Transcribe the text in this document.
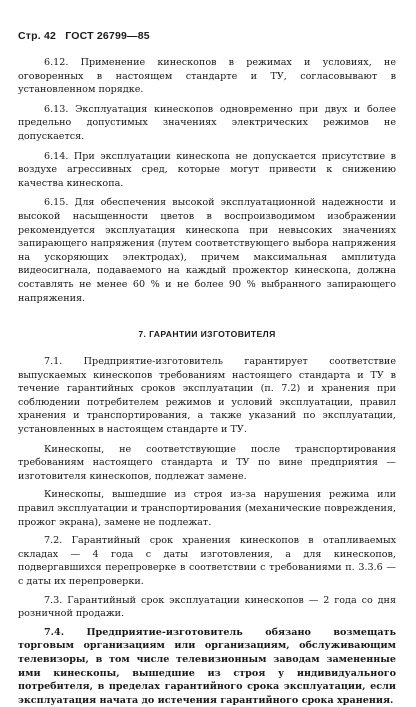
Стр. 42 ГОСТ 26799—85

6.12. Применение кинескопов в режимах и условиях, не оговоренных в настоящем стандарте и ТУ, согласовывают в установленном порядке.

6.13. Эксплуатация кинескопов одновременно при двух и более предельно допустимых значениях электрических режимов не допускается.

6.14. При эксплуатации кинескопа не допускается присутствие в воздухе агрессивных сред, которые могут привести к снижению качества кинескопа.

6.15. Для обеспечения высокой эксплуатационной надежности и высокой насыщенности цветов в воспроизводимом изображении рекомендуется эксплуатация кинескопа при невысоких значениях запирающего напряжения (путем соответствующего выбора напряжения на ускоряющих электродах), причем максимальная амплитуда видеосигнала, подаваемого на каждый прожектор кинескопа, должна составлять не менее 60 % и не более 90 % выбранного запирающего напряжения.

7. ГАРАНТИИ ИЗГОТОВИТЕЛЯ

7.1. Предприятие-изготовитель гарантирует соответствие выпускаемых кинескопов требованиям настоящего стандарта и ТУ в течение гарантийных сроков эксплуатации (п. 7.2) и хранения при соблюдении потребителем режимов и условий эксплуатации, правил хранения и транспортирования, а также указаний по эксплуатации, установленных в настоящем стандарте и ТУ.

Кинескопы, не соответствующие после транспортирования требованиям настоящего стандарта и ТУ по вине предприятия — изготовителя кинескопов, подлежат замене.

Кинескопы, вышедшие из строя из-за нарушения режима или правил эксплуатации и транспортирования (механические повреждения, прожог экрана), замене не подлежат.

7.2. Гарантийный срок хранения кинескопов в отапливаемых складах — 4 года с даты изготовления, а для кинескопов, подвергавшихся перепроверке в соответствии с требованиями п. 3.3.6 — с даты их перепроверки.

7.3. Гарантийный срок эксплуатации кинескопов — 2 года со дня розничной продажи.

7.4. Предприятие-изготовитель обязано возмещать торговым организациям или организациям, обслуживающим телевизоры, в том числе телевизионным заводам замененные ими кинескопы, вышедшие из строя у индивидуального потребителя, в пределах гарантийного срока эксплуатации, если эксплуатация начата до истечения гарантийного срока хранения.
